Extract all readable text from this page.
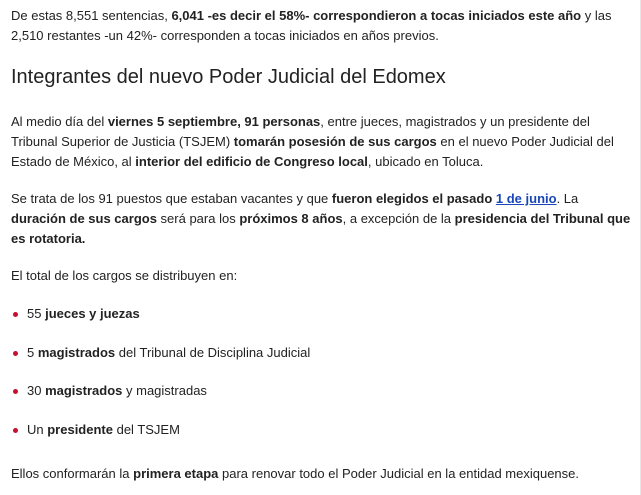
De estas 8,551 sentencias, 6,041 -es decir el 58%- correspondieron a tocas iniciados este año y las 2,510 restantes -un 42%- corresponden a tocas iniciados en años previos.

Integrantes del nuevo Poder Judicial del Edomex

Al medio día del viernes 5 septiembre, 91 personas, entre jueces, magistrados y un presidente del Tribunal Superior de Justicia (TSJEM) tomarán posesión de sus cargos en el nuevo Poder Judicial del Estado de México, al interior del edificio de Congreso local, ubicado en Toluca.

Se trata de los 91 puestos que estaban vacantes y que fueron elegidos el pasado 1 de junio. La duración de sus cargos será para los próximos 8 años, a excepción de la presidencia del Tribunal que es rotatoria.

El total de los cargos se distribuyen en:

55 jueces y juezas
5 magistrados del Tribunal de Disciplina Judicial
30 magistrados y magistradas
Un presidente del TSJEM

Ellos conformarán la primera etapa para renovar todo el Poder Judicial en la entidad mexiquense.
